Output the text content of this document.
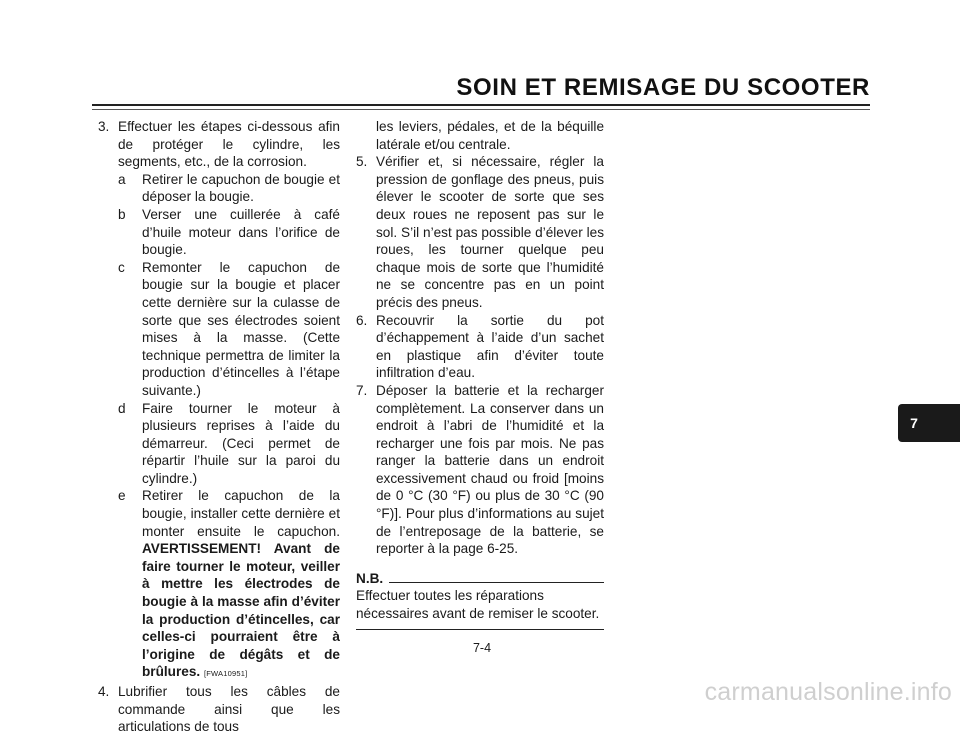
SOIN ET REMISAGE DU SCOOTER
3. Effectuer les étapes ci-dessous afin de protéger le cylindre, les segments, etc., de la corrosion.
a	Retirer le capuchon de bougie et déposer la bougie.
b	Verser une cuillerée à café d’huile moteur dans l’orifice de bougie.
c	Remonter le capuchon de bougie sur la bougie et placer cette dernière sur la culasse de sorte que ses électrodes soient mises à la masse. (Cette technique permettra de limiter la production d’étincelles à l’étape suivante.)
d	Faire tourner le moteur à plusieurs reprises à l’aide du démarreur. (Ceci permet de répartir l’huile sur la paroi du cylindre.)
e	Retirer le capuchon de la bougie, installer cette dernière et monter ensuite le capuchon. AVERTISSEMENT! Avant de faire tourner le moteur, veiller à mettre les électrodes de bougie à la masse afin d’éviter la production d’étincelles, car celles-ci pourraient être à l’origine de dégâts et de brûlures. [FWA10951]
4. Lubrifier tous les câbles de commande ainsi que les articulations de tous
les leviers, pédales, et de la béquille latérale et/ou centrale.
5. Vérifier et, si nécessaire, régler la pression de gonflage des pneus, puis élever le scooter de sorte que ses deux roues ne reposent pas sur le sol. S’il n’est pas possible d’élever les roues, les tourner quelque peu chaque mois de sorte que l’humidité ne se concentre pas en un point précis des pneus.
6. Recouvrir la sortie du pot d’échappement à l’aide d’un sachet en plastique afin d’éviter toute infiltration d’eau.
7. Déposer la batterie et la recharger complètement. La conserver dans un endroit à l’abri de l’humidité et la recharger une fois par mois. Ne pas ranger la batterie dans un endroit excessivement chaud ou froid [moins de 0 °C (30 °F) ou plus de 30 °C (90 °F)]. Pour plus d’informations au sujet de l’entreposage de la batterie, se reporter à la page 6-25.
N.B.
Effectuer toutes les réparations nécessaires avant de remiser le scooter.
7-4
7
carmanualsonline.info
